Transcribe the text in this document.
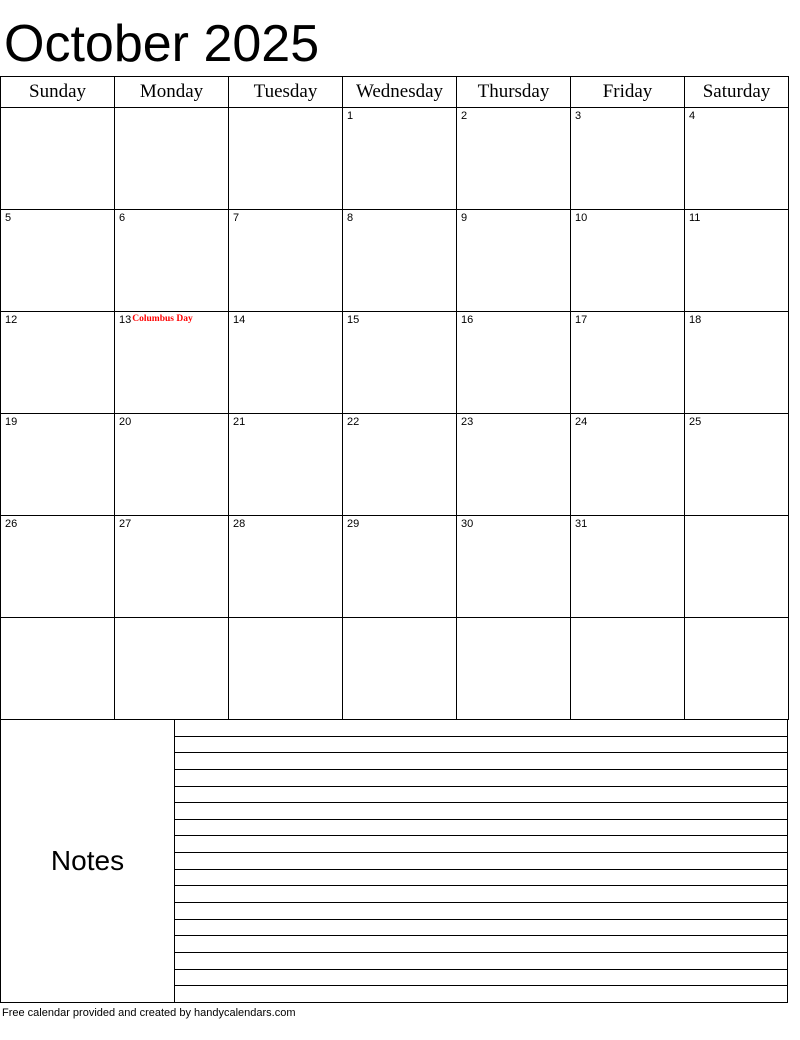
October 2025
Sunday	Monday	Tuesday	Wednesday	Thursday	Friday	Saturday

			1	2	3	4

5	6	7	8	9	10	11

12	13 Columbus Day	14	15	16	17	18

19	20	21	22	23	24	25

26	27	28	29	30	31	

Notes
Free calendar provided and created by handycalendars.com
